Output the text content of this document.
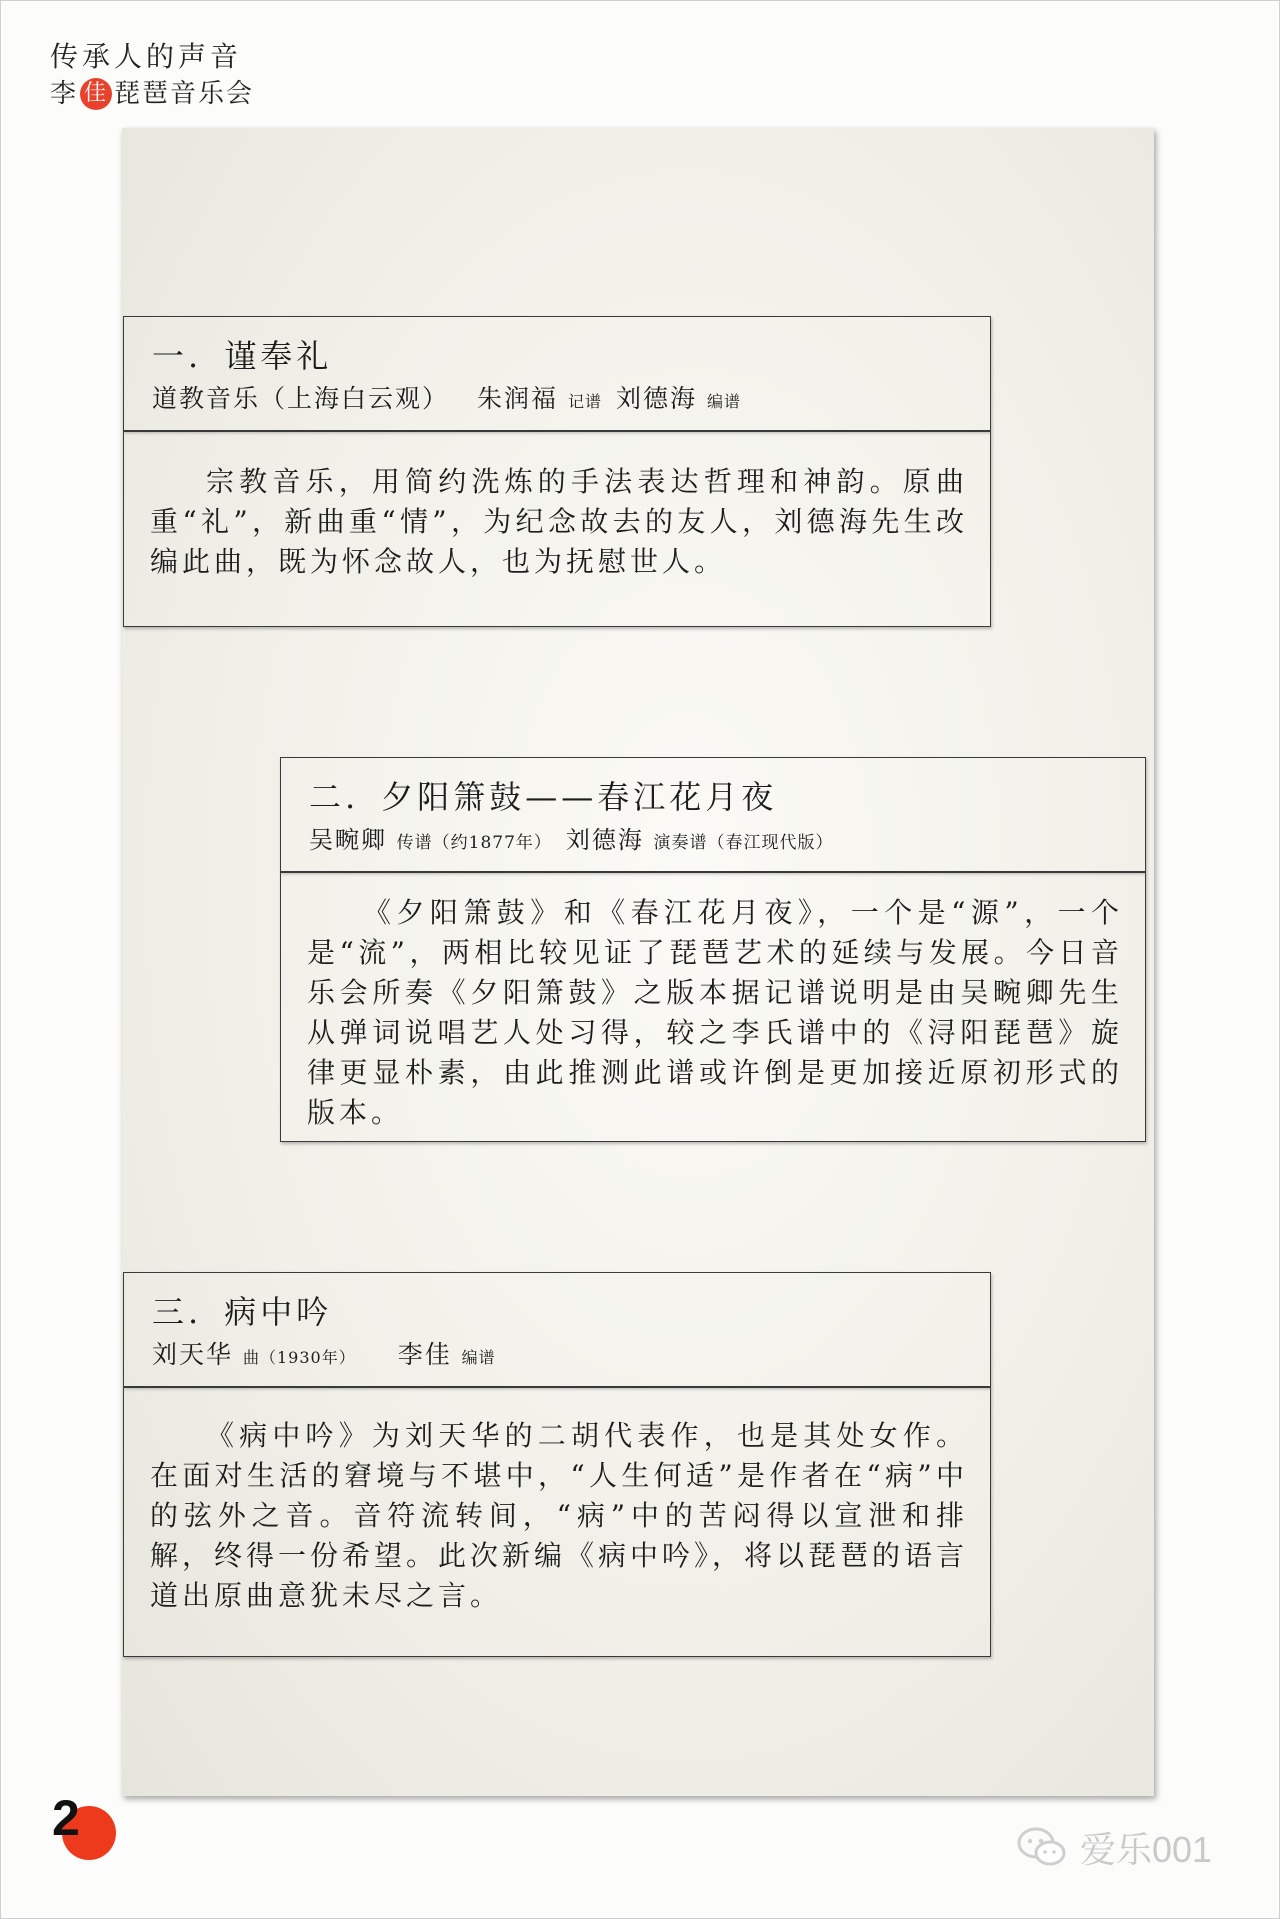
传承人的声音
李 佳 琵琶音乐会
一. 谨奉礼
道教音乐（上海白云观） 朱润福 记谱 刘德海 编谱
宗教音乐，用简约洗炼的手法表达哲理和神韵。原曲重“礼”，新曲重“情”，为纪念故去的友人，刘德海先生改编此曲，既为怀念故人，也为抚慰世人。
二. 夕阳箫鼓——春江花月夜
吴畹卿 传谱（约1877年） 刘德海 演奏谱（春江现代版）
《夕阳箫鼓》和《春江花月夜》，一个是“源”，一个是“流”，两相比较见证了琵琶艺术的延续与发展。今日音乐会所奏《夕阳箫鼓》之版本据记谱说明是由吴畹卿先生从弹词说唱艺人处习得，较之李氏谱中的《浔阳琵琶》旋律更显朴素，由此推测此谱或许倒是更加接近原初形式的版本。
三. 病中吟
刘天华 曲（1930年） 李佳 编谱
《病中吟》为刘天华的二胡代表作，也是其处女作。在面对生活的窘境与不堪中，“人生何适”是作者在“病”中的弦外之音。音符流转间，“病”中的苦闷得以宣泄和排解，终得一份希望。此次新编《病中吟》，将以琵琶的语言道出原曲意犹未尽之言。
2
爱乐001
